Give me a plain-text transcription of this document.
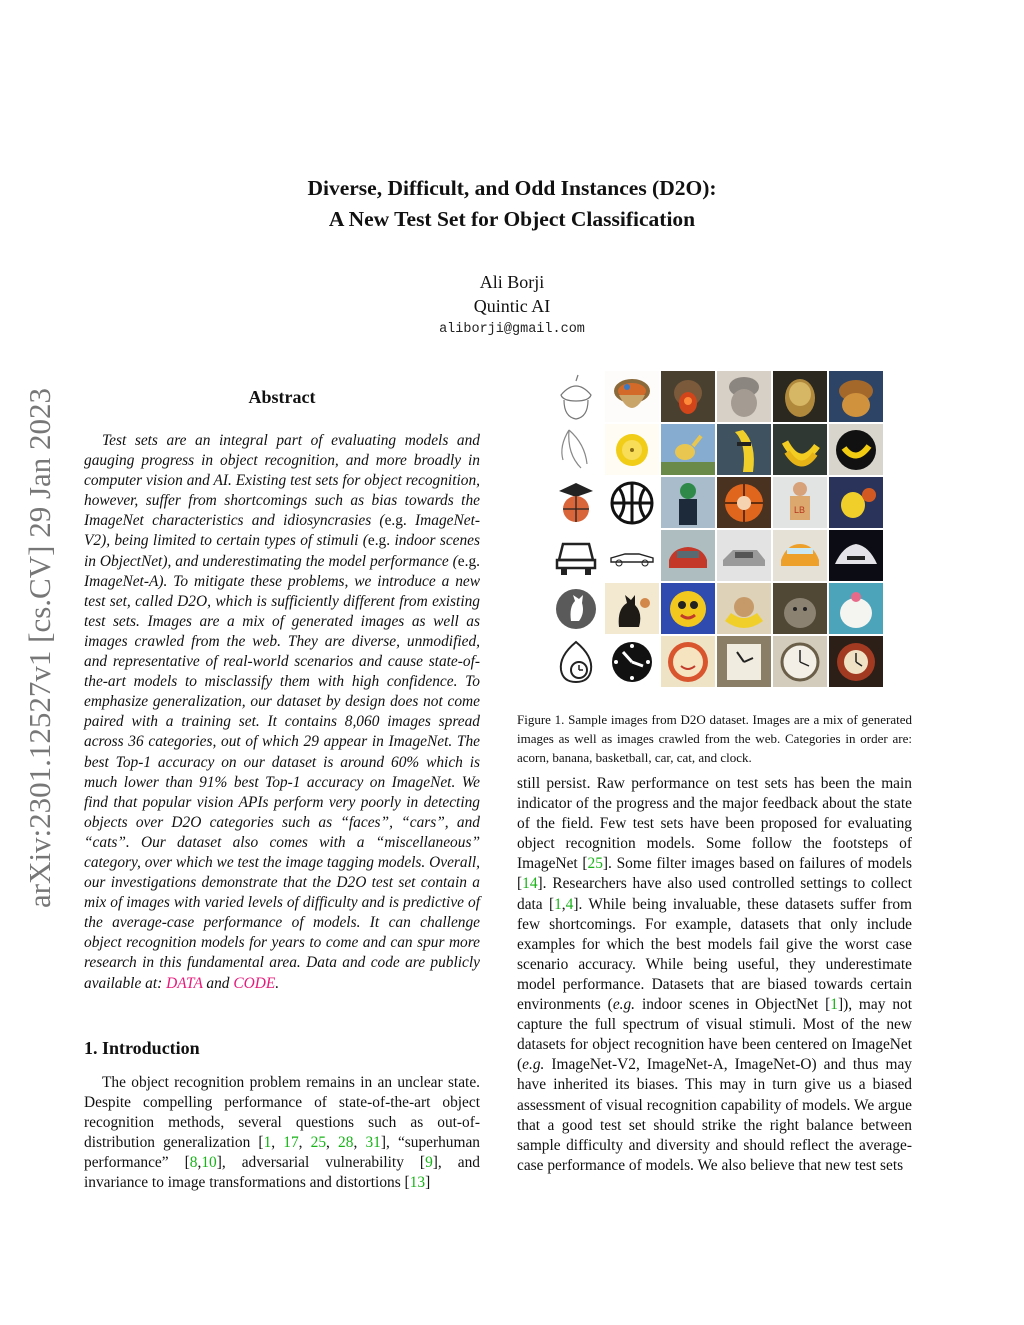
arXiv:2301.12527v1 [cs.CV] 29 Jan 2023
Diverse, Difficult, and Odd Instances (D2O):
A New Test Set for Object Classification
Ali Borji
Quintic AI
aliborji@gmail.com
Abstract

Test sets are an integral part of evaluating models and gauging progress in object recognition, and more broadly in computer vision and AI. Existing test sets for object recognition, however, suffer from shortcomings such as bias towards the ImageNet characteristics and idiosyncrasies (e.g. ImageNet-V2), being limited to certain types of stimuli (e.g. indoor scenes in ObjectNet), and underestimating the model performance (e.g. ImageNet-A). To mitigate these problems, we introduce a new test set, called D2O, which is sufficiently different from existing test sets. Images are a mix of generated images as well as images crawled from the web. They are diverse, unmodified, and representative of real-world scenarios and cause state-of-the-art models to misclassify them with high confidence. To emphasize generalization, our dataset by design does not come paired with a training set. It contains 8,060 images spread across 36 categories, out of which 29 appear in ImageNet. The best Top-1 accuracy on our dataset is around 60% which is much lower than 91% best Top-1 accuracy on ImageNet. We find that popular vision APIs perform very poorly in detecting objects over D2O categories such as “faces”, “cars”, and “cats”. Our dataset also comes with a “miscellaneous” category, over which we test the image tagging models. Overall, our investigations demonstrate that the D2O test set contain a mix of images with varied levels of difficulty and is predictive of the average-case performance of models. It can challenge object recognition models for years to come and can spur more research in this fundamental area. Data and code are publicly available at: DATA and CODE.

1. Introduction

The object recognition problem remains in an unclear state. Despite compelling performance of state-of-the-art object recognition methods, several questions such as out-of-distribution generalization [1, 17, 25, 28, 31], “superhuman performance” [8,10], adversarial vulnerability [9], and invariance to image transformations and distortions [13]

LB
Figure 1. Sample images from D2O dataset. Images are a mix of generated images as well as images crawled from the web. Categories in order are: acorn, banana, basketball, car, cat, and clock.

still persist. Raw performance on test sets has been the main indicator of the progress and the major feedback about the state of the field. Few test sets have been proposed for evaluating object recognition models. Some follow the footsteps of ImageNet [25]. Some filter images based on failures of models [14]. Researchers have also used controlled settings to collect data [1,4]. While being invaluable, these datasets suffer from few shortcomings. For example, datasets that only include examples for which the best models fail give the worst case scenario accuracy. While being useful, they underestimate model performance. Datasets that are biased towards certain environments (e.g. indoor scenes in ObjectNet [1]), may not capture the full spectrum of visual stimuli. Most of the new datasets for object recognition have been centered on ImageNet (e.g. ImageNet-V2, ImageNet-A, ImageNet-O) and thus may have inherited its biases. This may in turn give us a biased assessment of visual recognition capability of models. We argue that a good test set should strike the right balance between sample difficulty and diversity and should reflect the average-case performance of models. We also believe that new test sets
